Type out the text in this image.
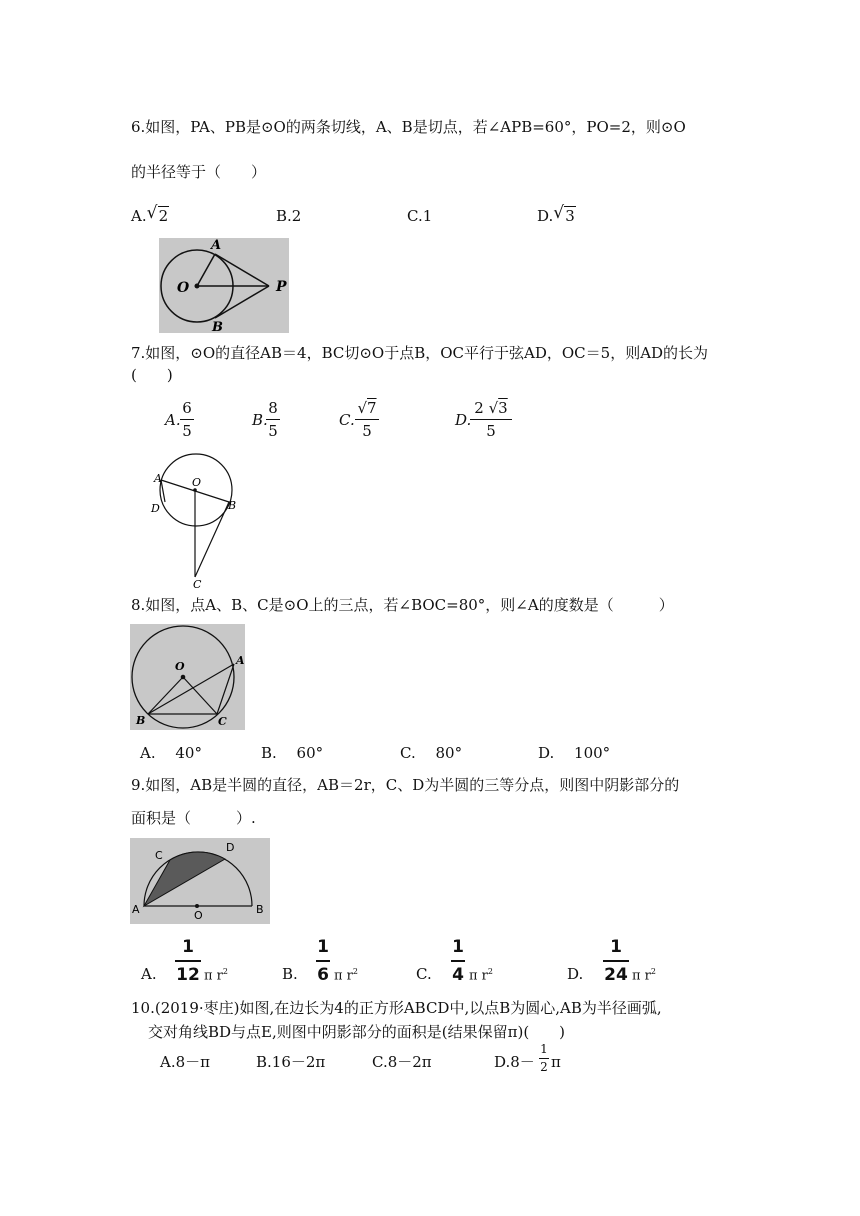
6.如图，PA、PB是⊙O的两条切线，A、B是切点，若∠APB=60°，PO=2，则⊙O
的半径等于（　　）
A. √ 2	B.2	C.1	D. √ 3
O
A
B
P
7.如图，⊙O的直径AB＝4，BC切⊙O于点B，OC平行于弦AD，OC＝5，则AD的长为
(　　)
A.
6
5
B.
8
5
C.
√7
5
D.
2 √3
5
A	O
D	B
C
8.如图，点A、B、C是⊙O上的三点，若∠BOC=80°，则∠A的度数是（　　　）
O	A
B	C
A.　 40°	B.　 60°	C.　 80°	D.　 100°
9.如图，AB是半圆的直径，AB＝2r，C、D为半圆的三等分点，则图中阴影部分的
面积是（　　　）.
C
D
A	O	B
A.
1
12 π $r^2$	B.
1
6 π $r^2$	C.
1
4 π $r^2$	D.
1
24 π $r^2$
10.(2019·枣庄)如图,在边长为4的正方形ABCD中,以点B为圆心,AB为半径画弧,
交对角线BD与点E,则图中阴影部分的面积是(结果保留π)(　　)
A.8－π	B.16－2π	C.8－2π	D.8－
1
2 π
